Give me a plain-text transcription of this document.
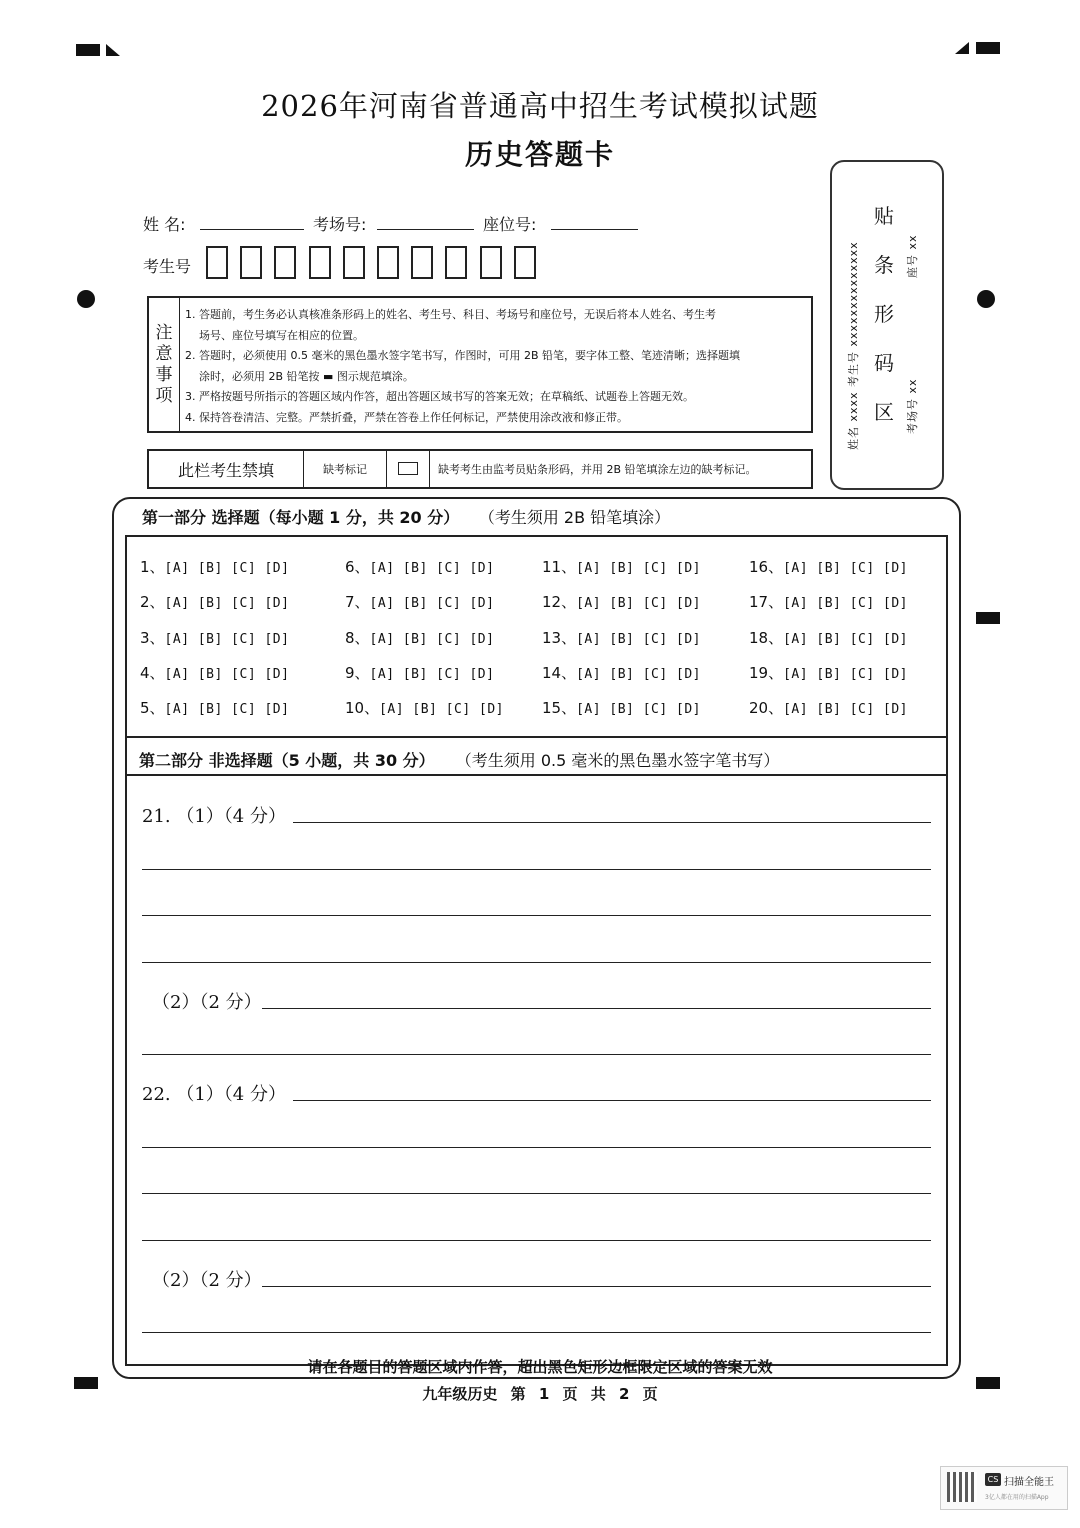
2026年河南省普通高中招生考试模拟试题
历史答题卡
姓 名:	考场号:	座位号:
考生号
注
意
事
项
1. 答题前，考生务必认真核准条形码上的姓名、考生号、科目、考场号和座位号，无误后将本人姓名、考生考
场号、座位号填写在相应的位置。
2. 答题时，必须使用 0.5 毫米的黑色墨水签字笔书写，作图时，可用 2B 铅笔，要字体工整、笔迹清晰；选择题填
涂时，必须用 2B 铅笔按 ▬ 图示规范填涂。
3. 严格按题号所指示的答题区域内作答，超出答题区域书写的答案无效；在草稿纸、试题卷上答题无效。
4. 保持答卷清洁、完整。严禁折叠，严禁在答卷上作任何标记，严禁使用涂改液和修正带。
此栏考生禁填	缺考标记	缺考考生由监考员贴条形码，并用 2B 铅笔填涂左边的缺考标记。
姓名 xxxx 考生号 xxxxxxxxxxxxxx
贴
条
形
码
区
座号 xx
考场号 xx
第一部分 选择题（每小题 1 分，共 20 分） （考生须用 2B 铅笔填涂）
1、[A] [B] [C] [D]
2、[A] [B] [C] [D]
3、[A] [B] [C] [D]
4、[A] [B] [C] [D]
5、[A] [B] [C] [D]
6、[A] [B] [C] [D]
7、[A] [B] [C] [D]
8、[A] [B] [C] [D]
9、[A] [B] [C] [D]
10、[A] [B] [C] [D]
11、[A] [B] [C] [D]
12、[A] [B] [C] [D]
13、[A] [B] [C] [D]
14、[A] [B] [C] [D]
15、[A] [B] [C] [D]
16、[A] [B] [C] [D]
17、[A] [B] [C] [D]
18、[A] [B] [C] [D]
19、[A] [B] [C] [D]
20、[A] [B] [C] [D]
第二部分 非选择题（5 小题，共 30 分） （考生须用 0.5 毫米的黑色墨水签字笔书写）
21. （1）（4 分）
（2）（2 分）
22. （1）（4 分）
（2）（2 分）
请在各题目的答题区域内作答，超出黑色矩形边框限定区域的答案无效
九年级历史 第 1 页 共 2 页
CS 扫描全能王
3亿人都在用的扫描App
